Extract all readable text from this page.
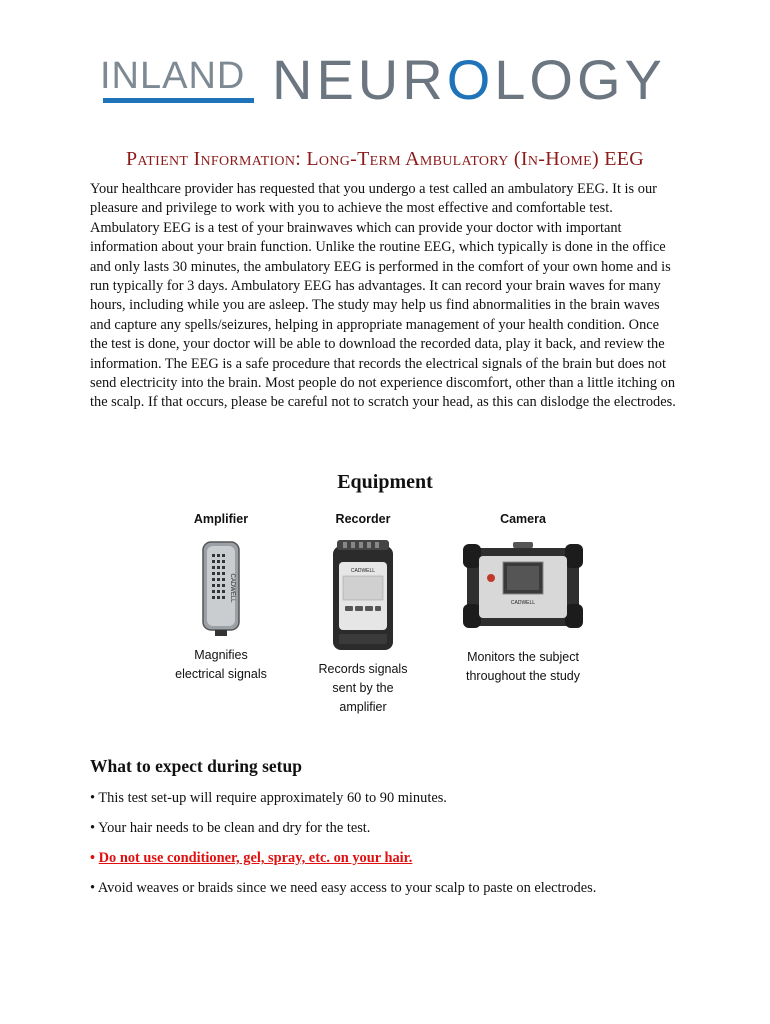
INLAND NEUROLOGY
Patient Information: Long-Term Ambulatory (In-Home) EEG

Your healthcare provider has requested that you undergo a test called an ambulatory EEG. It is our pleasure and privilege to work with you to achieve the most effective and comfortable test. Ambulatory EEG is a test of your brainwaves which can provide your doctor with important information about your brain function. Unlike the routine EEG, which typically is done in the office and only lasts 30 minutes, the ambulatory EEG is performed in the comfort of your own home and is run typically for 3 days. Ambulatory EEG has advantages. It can record your brain waves for many hours, including while you are asleep. The study may help us find abnormalities in the brain waves and capture any spells/seizures, helping in appropriate management of your health condition. Once the test is done, your doctor will be able to download the recorded data, play it back, and review the information. The EEG is a safe procedure that records the electrical signals of the brain but does not send electricity into the brain. Most people do not experience discomfort, other than a little itching on the scalp. If that occurs, please be careful not to scratch your head, as this can dislodge the electrodes.

Equipment
Amplifier
CADWELL
Magnifies
electrical signals
Recorder
CADWELL
Records signals
sent by the
amplifier
Camera
CADWELL
Monitors the subject
throughout the study
What to expect during setup
• This test set-up will require approximately 60 to 90 minutes.
• Your hair needs to be clean and dry for the test.
• Do not use conditioner, gel, spray, etc. on your hair.
• Avoid weaves or braids since we need easy access to your scalp to paste on electrodes.
